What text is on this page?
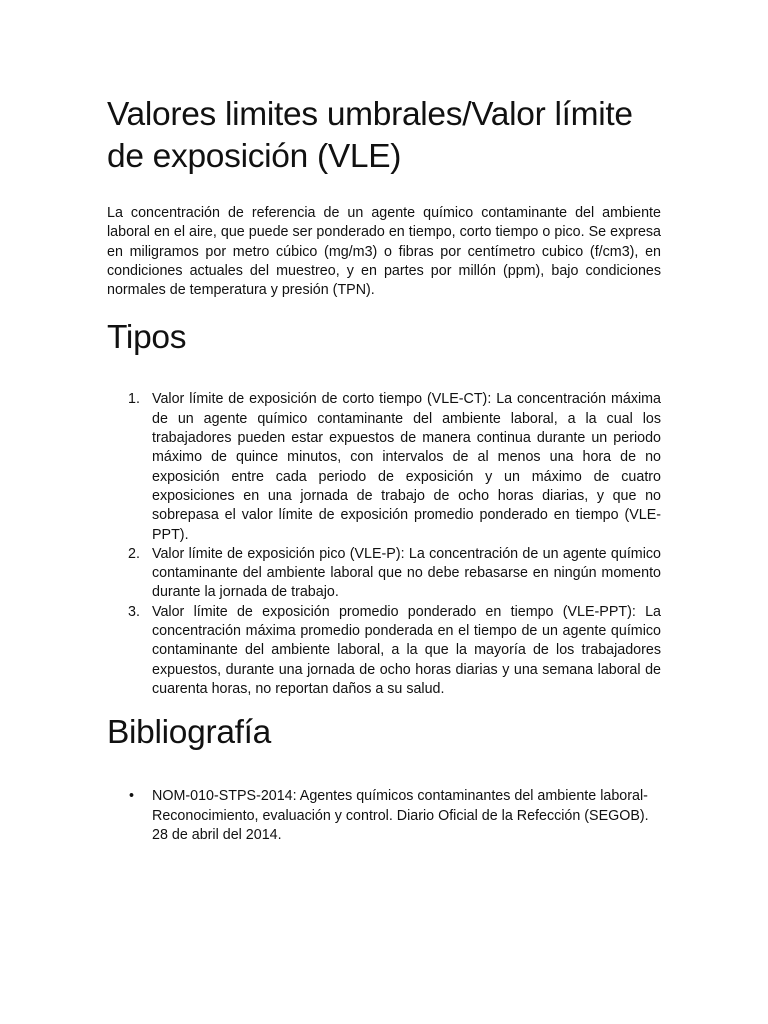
Valores limites umbrales/Valor límite de exposición (VLE)

La concentración de referencia de un agente químico contaminante del ambiente laboral en el aire, que puede ser ponderado en tiempo, corto tiempo o pico. Se expresa en miligramos por metro cúbico (mg/m3) o fibras por centímetro cubico (f/cm3), en condiciones actuales del muestreo, y en partes por millón (ppm), bajo condiciones normales de temperatura y presión (TPN).

Tipos
1. Valor límite de exposición de corto tiempo (VLE-CT): La concentración máxima de un agente químico contaminante del ambiente laboral, a la cual los trabajadores pueden estar expuestos de manera continua durante un periodo máximo de quince minutos, con intervalos de al menos una hora de no exposición entre cada periodo de exposición y un máximo de cuatro exposiciones en una jornada de trabajo de ocho horas diarias, y que no sobrepasa el valor límite de exposición promedio ponderado en tiempo (VLE-PPT).
2. Valor límite de exposición pico (VLE-P): La concentración de un agente químico contaminante del ambiente laboral que no debe rebasarse en ningún momento durante la jornada de trabajo.
3. Valor límite de exposición promedio ponderado en tiempo (VLE-PPT): La concentración máxima promedio ponderada en el tiempo de un agente químico contaminante del ambiente laboral, a la que la mayoría de los trabajadores expuestos, durante una jornada de ocho horas diarias y una semana laboral de cuarenta horas, no reportan daños a su salud.
Bibliografía
• NOM-010-STPS-2014: Agentes químicos contaminantes del ambiente laboral-Reconocimiento, evaluación y control. Diario Oficial de la Refección (SEGOB). 28 de abril del 2014.
